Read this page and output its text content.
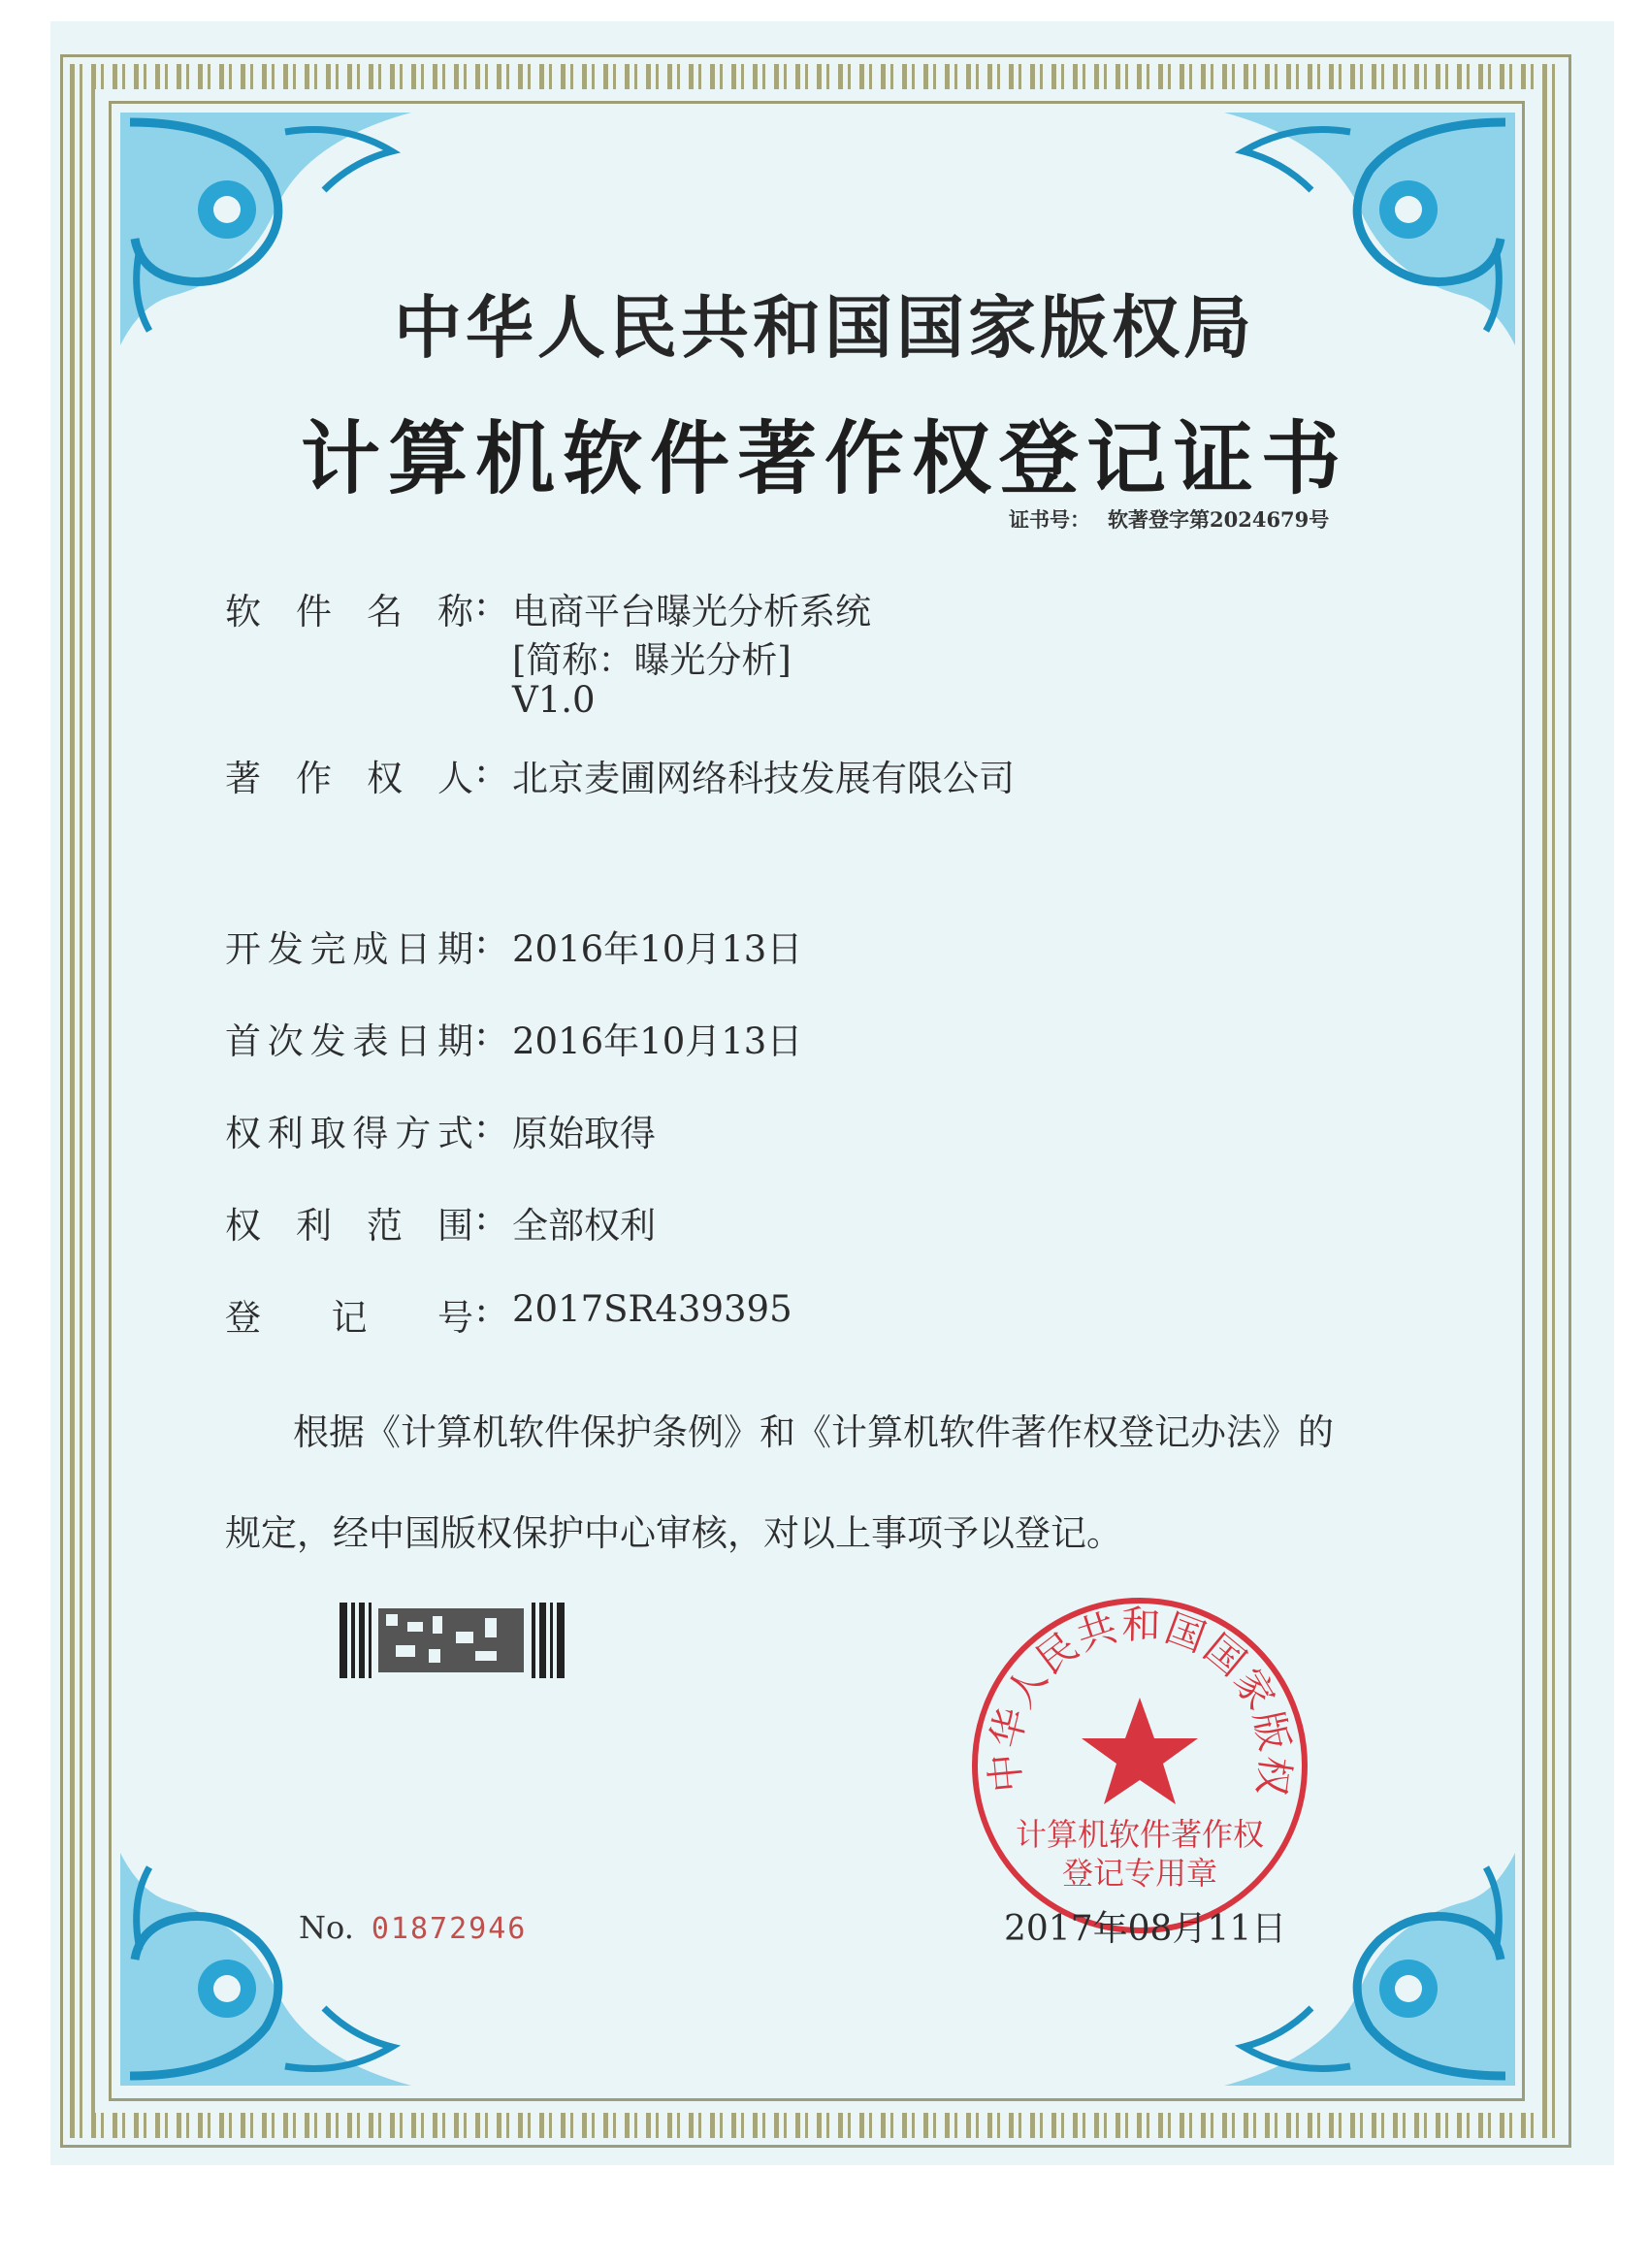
中华人民共和国国家版权局
计算机软件著作权登记证书
证书号： 软著登字第2024679号
软 件 名 称 : 电商平台曝光分析系统
[简称：曝光分析]
V1.0
著 作 权 人 : 北京麦圃网络科技发展有限公司
开 发 完 成 日 期 : 2016年10月13日
首 次 发 表 日 期 : 2016年10月13日
权 利 取 得 方 式 : 原始取得
权 利 范 围 : 全部权利
登 记 号 : 2017SR439395
根据《计算机软件保护条例》和《计算机软件著作权登记办法》的
规定，经中国版权保护中心审核，对以上事项予以登记。
中华人民共和国国家版权
计算机软件著作权
登记专用章
No. 01872946	2017年08月11日
